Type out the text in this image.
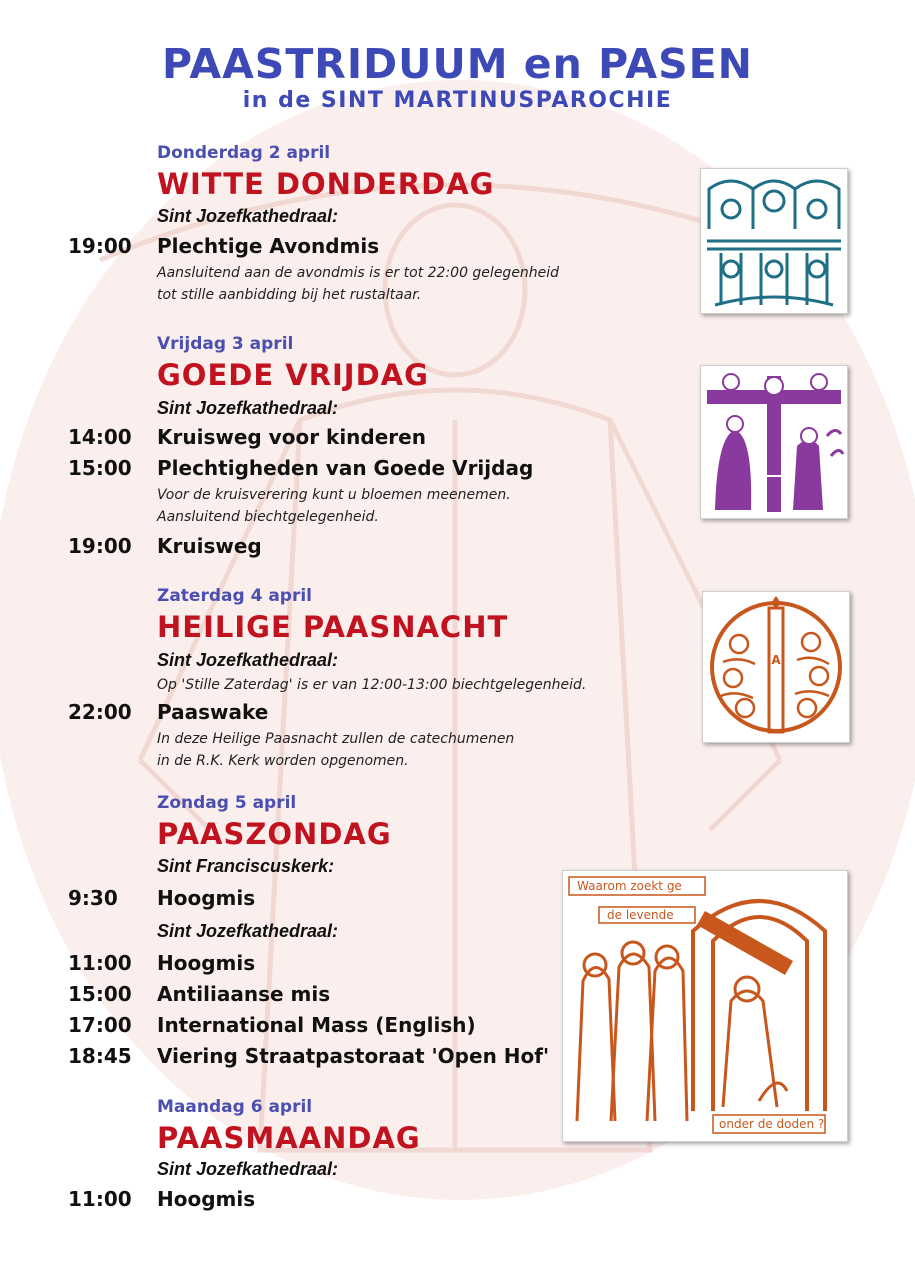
PAASTRIDUUM en PASEN
in de SINT MARTINUSPAROCHIE
Donderdag 2 april
WITTE DONDERDAG
Sint Jozefkathedraal:
19:00 Plechtige Avondmis
Aansluitend aan de avondmis is er tot 22:00 gelegenheid
tot stille aanbidding bij het rustaltaar.
Vrijdag 3 april
GOEDE VRIJDAG
Sint Jozefkathedraal:
14:00 Kruisweg voor kinderen
15:00 Plechtigheden van Goede Vrijdag
Voor de kruisverering kunt u bloemen meenemen.
Aansluitend biechtgelegenheid.
19:00 Kruisweg
Zaterdag 4 april
HEILIGE PAASNACHT
Sint Jozefkathedraal:
Op 'Stille Zaterdag' is er van 12:00-13:00 biechtgelegenheid.
22:00 Paaswake
In deze Heilige Paasnacht zullen de catechumenen
in de R.K. Kerk worden opgenomen.
Zondag 5 april
PAASZONDAG
Sint Franciscuskerk:
9:30 Hoogmis
Sint Jozefkathedraal:
11:00 Hoogmis
15:00 Antiliaanse mis
17:00 International Mass (English)
18:45 Viering Straatpastoraat 'Open Hof'
Maandag 6 april
PAASMAANDAG
Sint Jozefkathedraal:
11:00 Hoogmis
A
Waarom zoekt ge
de levende
onder de doden ?
